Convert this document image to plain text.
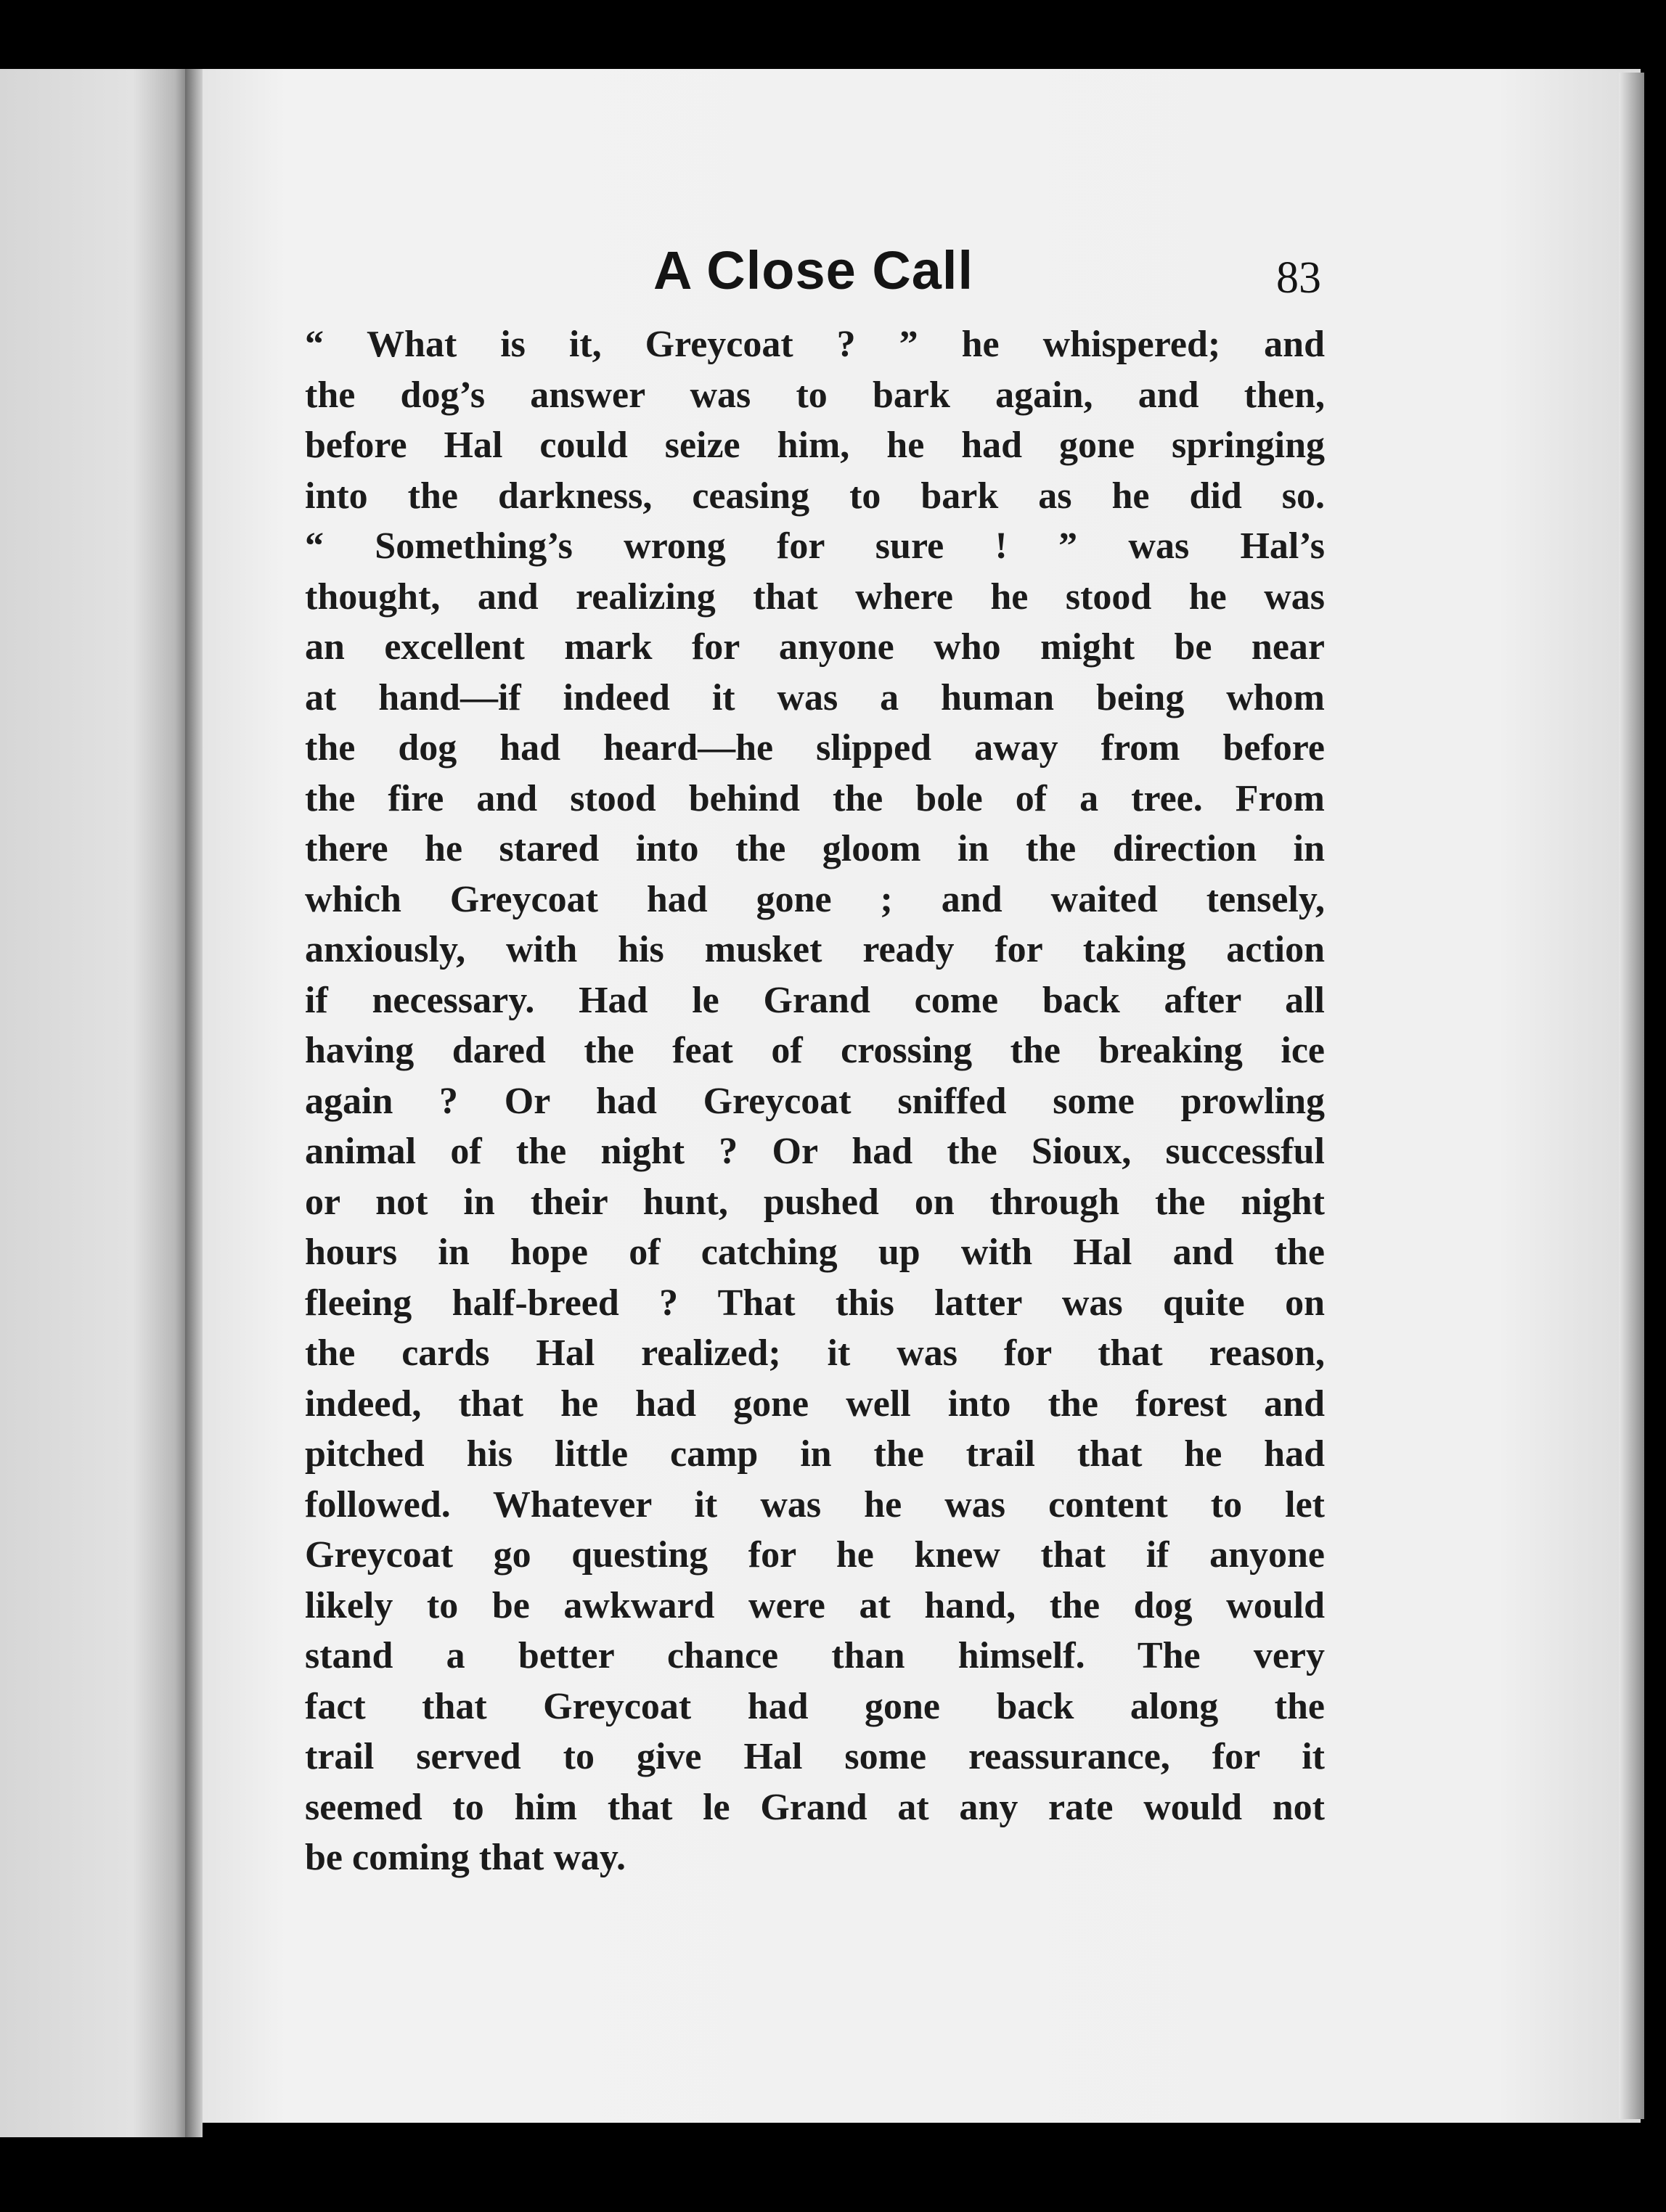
A Close Call	83
“ What is it, Greycoat ? ” he whispered; and
the dog’s answer was to bark again, and then,
before Hal could seize him, he had gone springing
into the darkness, ceasing to bark as he did so.
“ Something’s wrong for sure ! ” was Hal’s
thought, and realizing that where he stood he was
an excellent mark for anyone who might be near
at hand—if indeed it was a human being whom
the dog had heard—he slipped away from before
the fire and stood behind the bole of a tree. From
there he stared into the gloom in the direction in
which Greycoat had gone ; and waited tensely,
anxiously, with his musket ready for taking action
if necessary. Had le Grand come back after all
having dared the feat of crossing the breaking ice
again ? Or had Greycoat sniffed some prowling
animal of the night ? Or had the Sioux, successful
or not in their hunt, pushed on through the night
hours in hope of catching up with Hal and the
fleeing half-breed ? That this latter was quite on
the cards Hal realized; it was for that reason,
indeed, that he had gone well into the forest and
pitched his little camp in the trail that he had
followed. Whatever it was he was content to let
Greycoat go questing for he knew that if anyone
likely to be awkward were at hand, the dog would
stand a better chance than himself. The very
fact that Greycoat had gone back along the
trail served to give Hal some reassurance, for it
seemed to him that le Grand at any rate would not
be coming that way.
